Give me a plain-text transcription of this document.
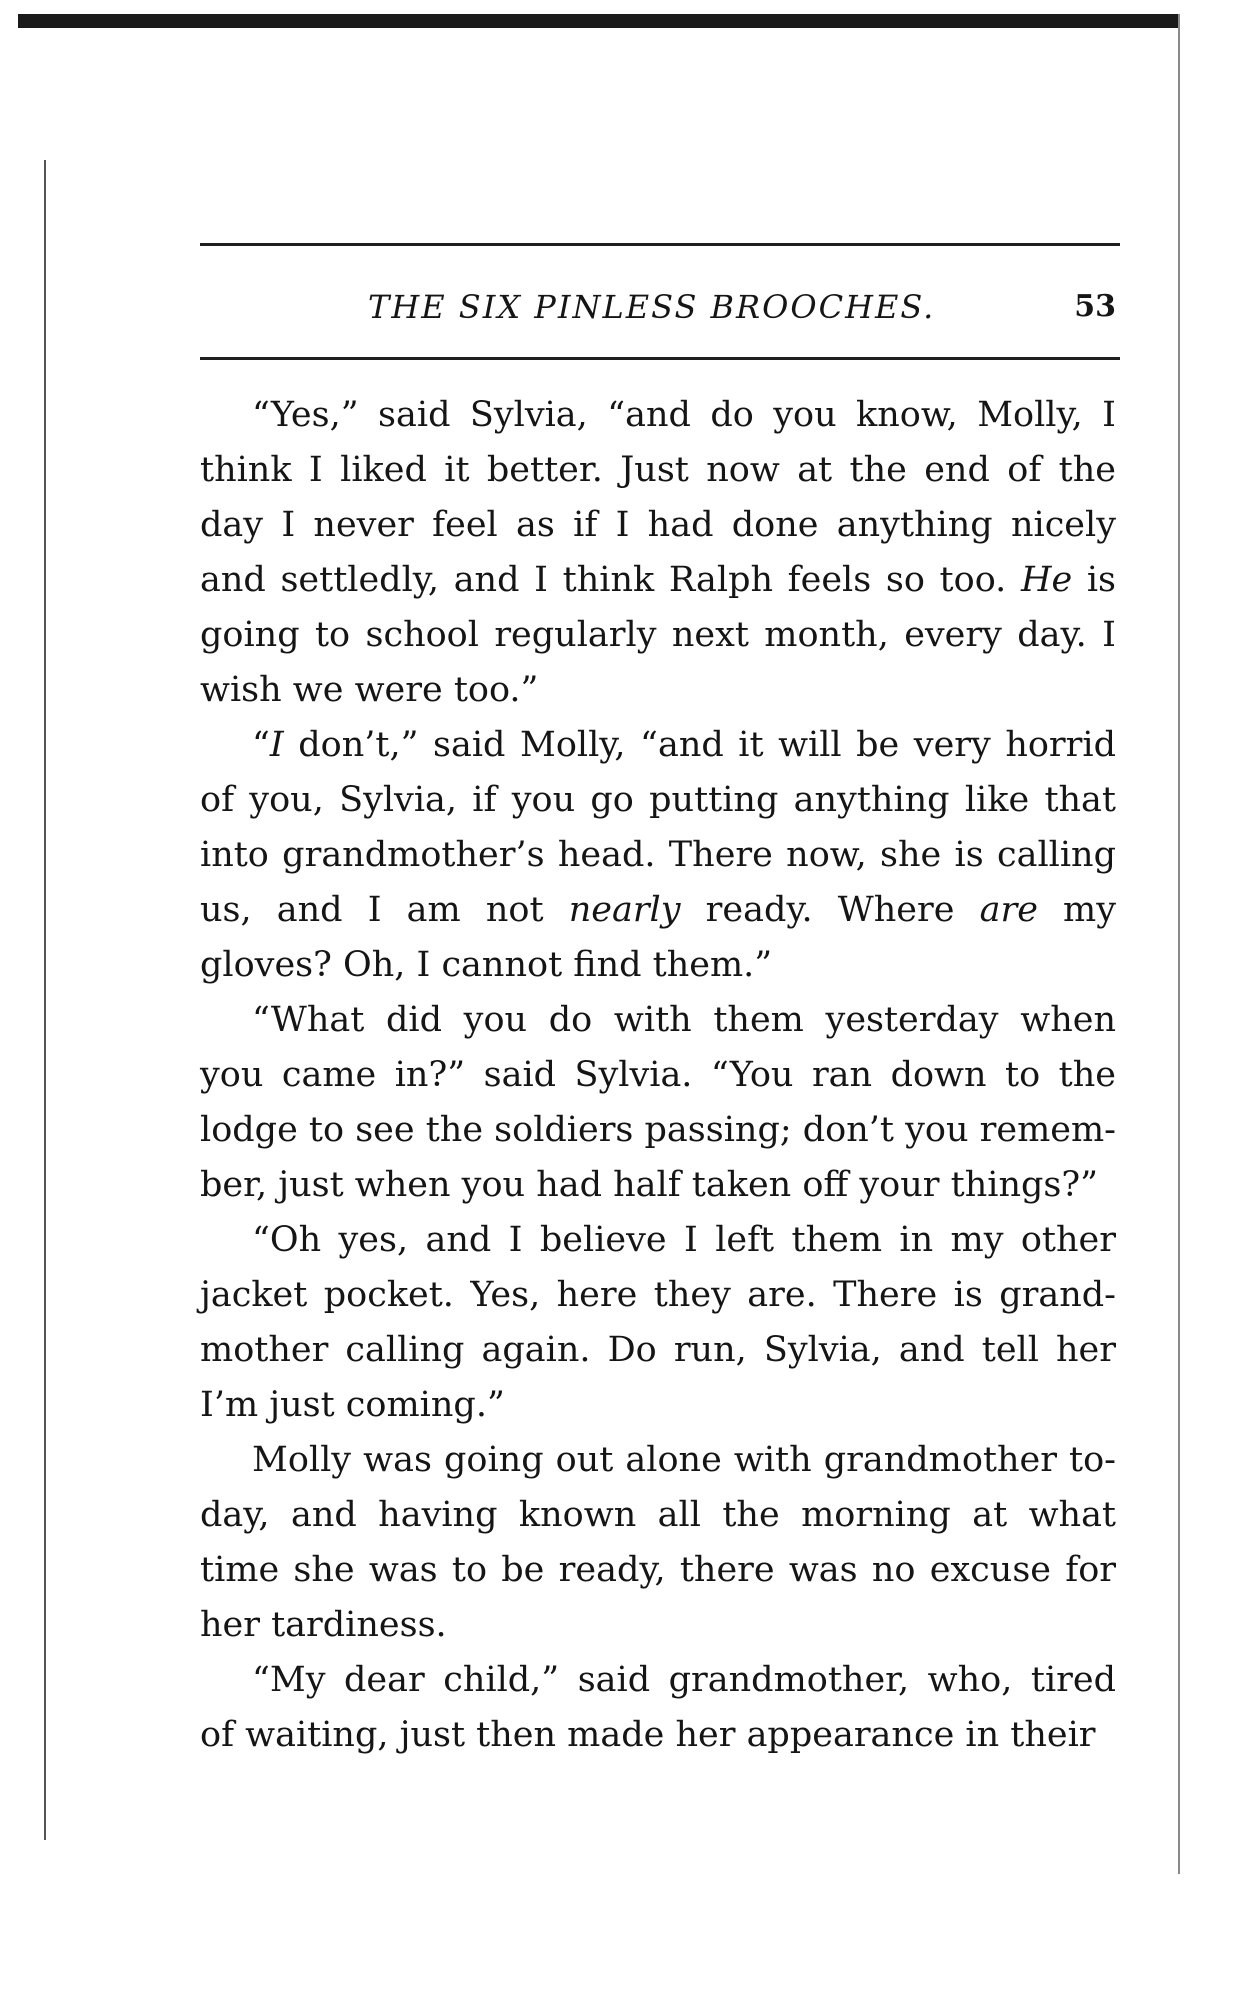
THE SIX PINLESS BROOCHES.	53

“Yes,” said Sylvia, “and do you know, Molly, I think I liked it better. Just now at the end of the day I never feel as if I had done anything nicely and settledly, and I think Ralph feels so too. He is going to school regularly next month, every day. I wish we were too.”

“I don’t,” said Molly, “and it will be very horrid of you, Sylvia, if you go putting anything like that into grandmother’s head. There now, she is calling us, and I am not nearly ready. Where are my gloves? Oh, I cannot find them.”

“What did you do with them yesterday when you came in?” said Sylvia. “You ran down to the lodge to see the soldiers passing; don’t you remember, just when you had half taken off your things?”

“Oh yes, and I believe I left them in my other jacket pocket. Yes, here they are. There is grandmother calling again. Do run, Sylvia, and tell her I’m just coming.”

Molly was going out alone with grandmother today, and having known all the morning at what time she was to be ready, there was no excuse for her tardiness.

“My dear child,” said grandmother, who, tired of waiting, just then made her appearance in their
